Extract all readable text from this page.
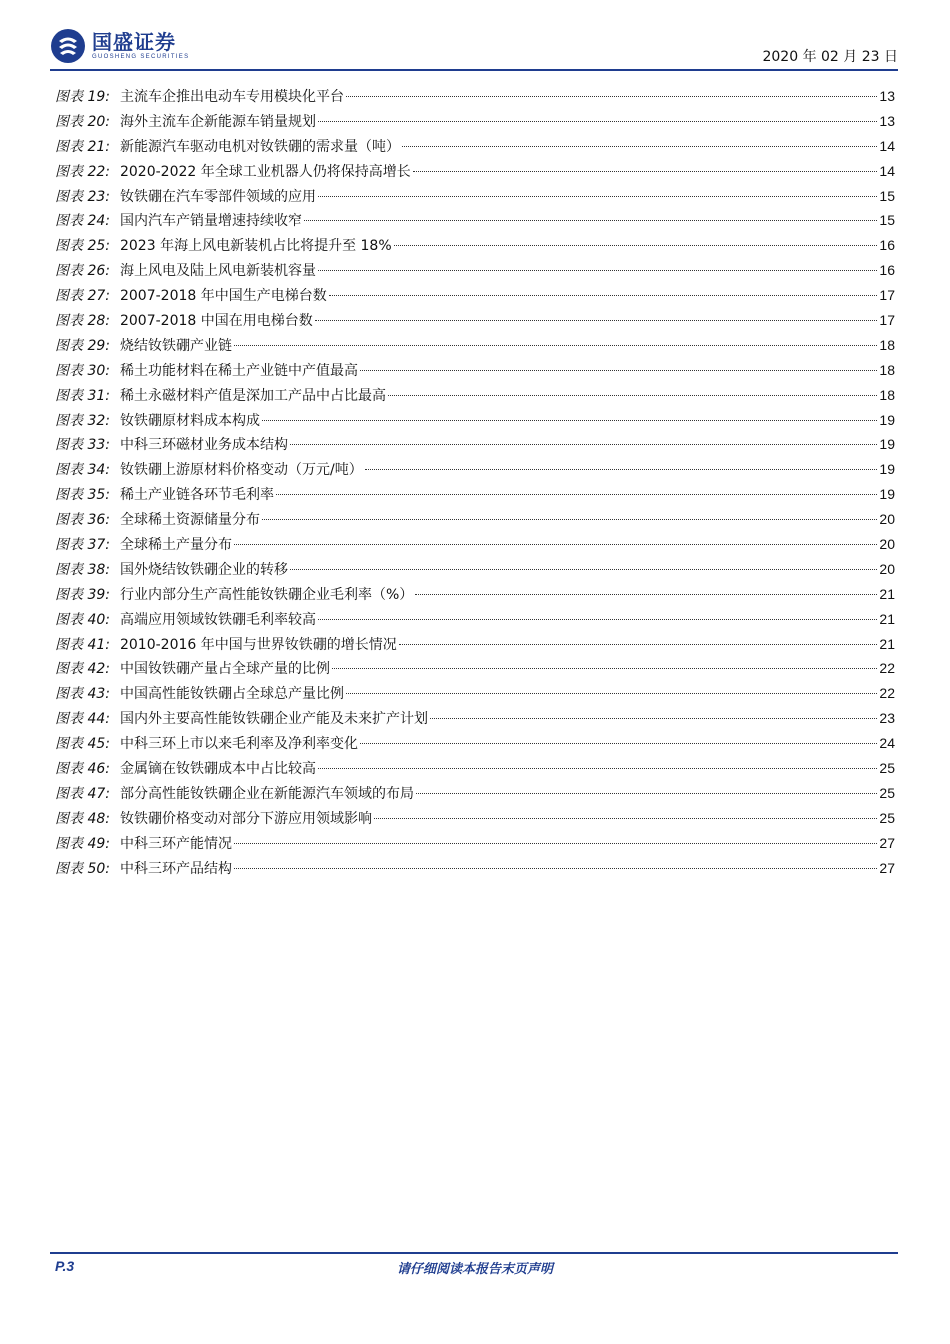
国盛证券
GUOSHENG SECURITIES	2020 年 02 月 23 日
图表 19: 主流车企推出电动车专用模块化平台	13
图表 20: 海外主流车企新能源车销量规划	13
图表 21: 新能源汽车驱动电机对钕铁硼的需求量（吨）	14
图表 22: 2020-2022 年全球工业机器人仍将保持高增长	14
图表 23: 钕铁硼在汽车零部件领域的应用	15
图表 24: 国内汽车产销量增速持续收窄	15
图表 25: 2023 年海上风电新装机占比将提升至 18%	16
图表 26: 海上风电及陆上风电新装机容量	16
图表 27: 2007-2018 年中国生产电梯台数	17
图表 28: 2007-2018 中国在用电梯台数	17
图表 29: 烧结钕铁硼产业链	18
图表 30: 稀土功能材料在稀土产业链中产值最高	18
图表 31: 稀土永磁材料产值是深加工产品中占比最高	18
图表 32: 钕铁硼原材料成本构成	19
图表 33: 中科三环磁材业务成本结构	19
图表 34: 钕铁硼上游原材料价格变动（万元/吨）	19
图表 35: 稀土产业链各环节毛利率	19
图表 36: 全球稀土资源储量分布	20
图表 37: 全球稀土产量分布	20
图表 38: 国外烧结钕铁硼企业的转移	20
图表 39: 行业内部分生产高性能钕铁硼企业毛利率（%）	21
图表 40: 高端应用领域钕铁硼毛利率较高	21
图表 41: 2010-2016 年中国与世界钕铁硼的增长情况	21
图表 42: 中国钕铁硼产量占全球产量的比例	22
图表 43: 中国高性能钕铁硼占全球总产量比例	22
图表 44: 国内外主要高性能钕铁硼企业产能及未来扩产计划	23
图表 45: 中科三环上市以来毛利率及净利率变化	24
图表 46: 金属镝在钕铁硼成本中占比较高	25
图表 47: 部分高性能钕铁硼企业在新能源汽车领域的布局	25
图表 48: 钕铁硼价格变动对部分下游应用领域影响	25
图表 49: 中科三环产能情况	27
图表 50: 中科三环产品结构	27
P.3	请仔细阅读本报告末页声明
